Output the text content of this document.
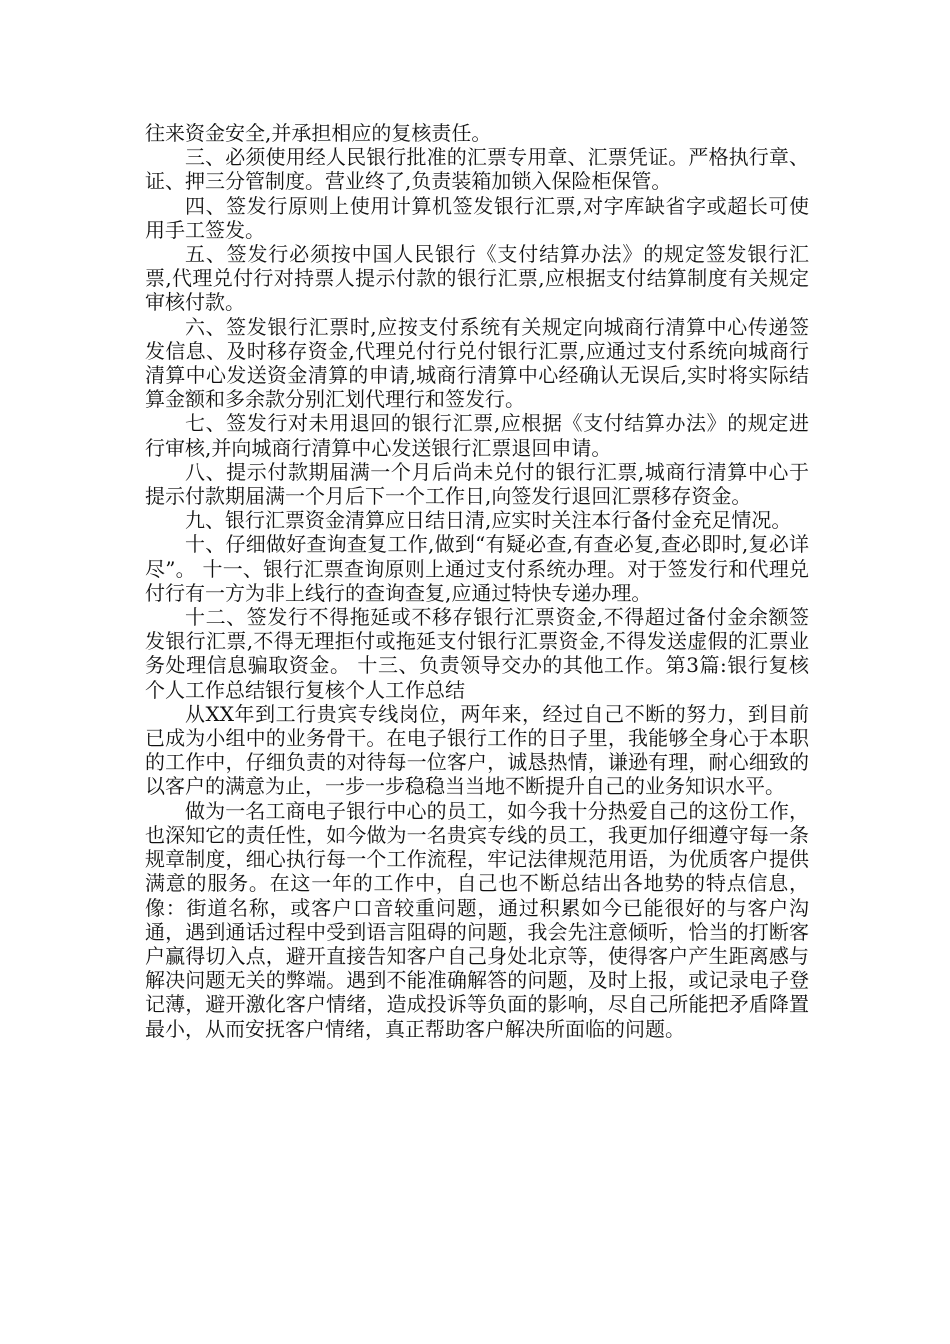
往来资金安全,并承担相应的复核责任。

三、必须使用经人民银行批准的汇票专用章、汇票凭证。严格执行章、证、押三分管制度。营业终了,负责装箱加锁入保险柜保管。

四、签发行原则上使用计算机签发银行汇票,对字库缺省字或超长可使用手工签发。

五、签发行必须按中国人民银行《支付结算办法》的规定签发银行汇票,代理兑付行对持票人提示付款的银行汇票,应根据支付结算制度有关规定审核付款。

六、签发银行汇票时,应按支付系统有关规定向城商行清算中心传递签发信息、及时移存资金,代理兑付行兑付银行汇票,应通过支付系统向城商行清算中心发送资金清算的申请,城商行清算中心经确认无误后,实时将实际结算金额和多余款分别汇划代理行和签发行。

七、签发行对未用退回的银行汇票,应根据《支付结算办法》的规定进行审核,并向城商行清算中心发送银行汇票退回申请。

八、提示付款期届满一个月后尚未兑付的银行汇票,城商行清算中心于提示付款期届满一个月后下一个工作日,向签发行退回汇票移存资金。

九、银行汇票资金清算应日结日清,应实时关注本行备付金充足情况。

十、仔细做好查询查复工作,做到“有疑必查,有查必复,查必即时,复必详尽”。 十一、银行汇票查询原则上通过支付系统办理。对于签发行和代理兑付行有一方为非上线行的查询查复,应通过特快专递办理。

十二、签发行不得拖延或不移存银行汇票资金,不得超过备付金余额签发银行汇票,不得无理拒付或拖延支付银行汇票资金,不得发送虚假的汇票业务处理信息骗取资金。 十三、负责领导交办的其他工作。第3篇:银行复核个人工作总结银行复核个人工作总结

从XX年到工行贵宾专线岗位，两年来，经过自己不断的努力，到目前已成为小组中的业务骨干。在电子银行工作的日子里，我能够全身心于本职的工作中，仔细负责的对待每一位客户，诚恳热情，谦逊有理，耐心细致的以客户的满意为止，一步一步稳稳当当地不断提升自己的业务知识水平。

做为一名工商电子银行中心的员工，如今我十分热爱自己的这份工作，也深知它的责任性，如今做为一名贵宾专线的员工，我更加仔细遵守每一条规章制度，细心执行每一个工作流程，牢记法律规范用语，为优质客户提供满意的服务。在这一年的工作中，自己也不断总结出各地势的特点信息，像：街道名称，或客户口音较重问题，通过积累如今已能很好的与客户沟通，遇到通话过程中受到语言阻碍的问题，我会先注意倾听，恰当的打断客户赢得切入点，避开直接告知客户自己身处北京等，使得客户产生距离感与解决问题无关的弊端。遇到不能准确解答的问题，及时上报，或记录电子登记薄，避开激化客户情绪，造成投诉等负面的影响，尽自己所能把矛盾降置最小，从而安抚客户情绪，真正帮助客户解决所面临的问题。
